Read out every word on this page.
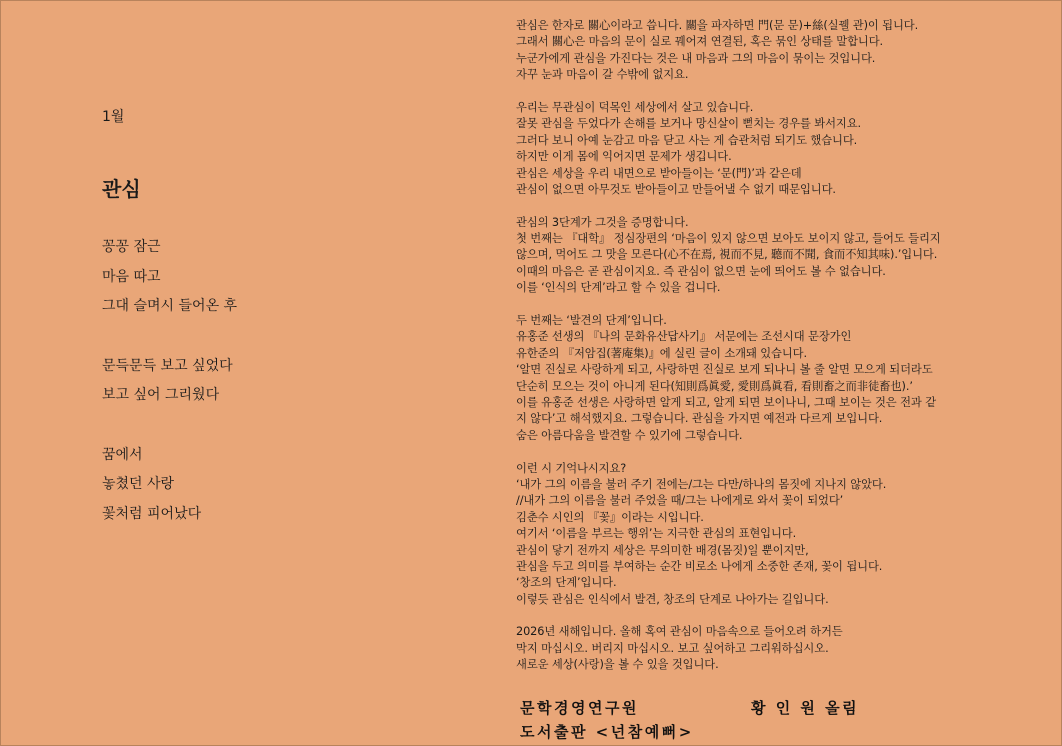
1월
관심
꽁꽁 잠근
마음 따고
그대 슬며시 들어온 후
문득문득 보고 싶었다
보고 싶어 그리웠다
꿈에서
놓쳤던 사랑
꽃처럼 피어났다
관심은 한자로 關心이라고 씁니다. 關을 파자하면 門(문 문)+絲(실꿸 관)이 됩니다.
그래서 關心은 마음의 문이 실로 꿰어져 연결된, 혹은 묶인 상태를 말합니다.
누군가에게 관심을 가진다는 것은 내 마음과 그의 마음이 묶이는 것입니다.
자꾸 눈과 마음이 갈 수밖에 없지요.
우리는 무관심이 덕목인 세상에서 살고 있습니다.
잘못 관심을 두었다가 손해를 보거나 망신살이 뻗치는 경우를 봐서지요.
그러다 보니 아예 눈감고 마음 닫고 사는 게 습관처럼 되기도 했습니다.
하지만 이게 몸에 익어지면 문제가 생깁니다.
관심은 세상을 우리 내면으로 받아들이는 ‘문(門)’과 같은데
관심이 없으면 아무것도 받아들이고 만들어낼 수 없기 때문입니다.
관심의 3단계가 그것을 증명합니다.
첫 번째는 『대학』 정심장편의 ‘마음이 있지 않으면 보아도 보이지 않고, 들어도 들리지
않으며, 먹어도 그 맛을 모른다(心不在焉, 視而不見, 聽而不聞, 食而不知其味).’입니다.
이때의 마음은 곧 관심이지요. 즉 관심이 없으면 눈에 띄어도 볼 수 없습니다.
이를 ‘인식의 단계’라고 할 수 있을 겁니다.
두 번째는 ‘발견의 단계’입니다.
유홍준 선생의 『나의 문화유산답사기』 서문에는 조선시대 문장가인
유한준의 『저암집(著庵集)』에 실린 글이 소개돼 있습니다.
‘알면 진실로 사랑하게 되고, 사랑하면 진실로 보게 되나니 볼 줄 알면 모으게 되더라도
단순히 모으는 것이 아니게 된다(知則爲眞愛, 愛則爲眞看, 看則畜之而非徒畜也).’
이를 유홍준 선생은 사랑하면 알게 되고, 알게 되면 보이나니, 그때 보이는 것은 전과 같
지 않다’고 해석했지요. 그렇습니다. 관심을 가지면 예전과 다르게 보입니다.
숨은 아름다움을 발견할 수 있기에 그렇습니다.
이런 시 기억나시지요?
‘내가 그의 이름을 불러 주기 전에는/그는 다만/하나의 몸짓에 지나지 않았다.
//내가 그의 이름을 불러 주었을 때/그는 나에게로 와서 꽃이 되었다’
김춘수 시인의 『꽃』이라는 시입니다.
여기서 ‘이름을 부르는 행위’는 지극한 관심의 표현입니다.
관심이 닿기 전까지 세상은 무의미한 배경(몸짓)일 뿐이지만,
관심을 두고 의미를 부여하는 순간 비로소 나에게 소중한 존재, 꽃이 됩니다.
‘창조의 단계’입니다.
이렇듯 관심은 인식에서 발견, 창조의 단계로 나아가는 길입니다.
2026년 새해입니다. 올해 혹여 관심이 마음속으로 들어오려 하거든
막지 마십시오. 버리지 마십시오. 보고 싶어하고 그리워하십시오.
새로운 세상(사랑)을 볼 수 있을 것입니다.
문학경영연구원
도서출판 <넌참예뻐>
황 인 원 올림
